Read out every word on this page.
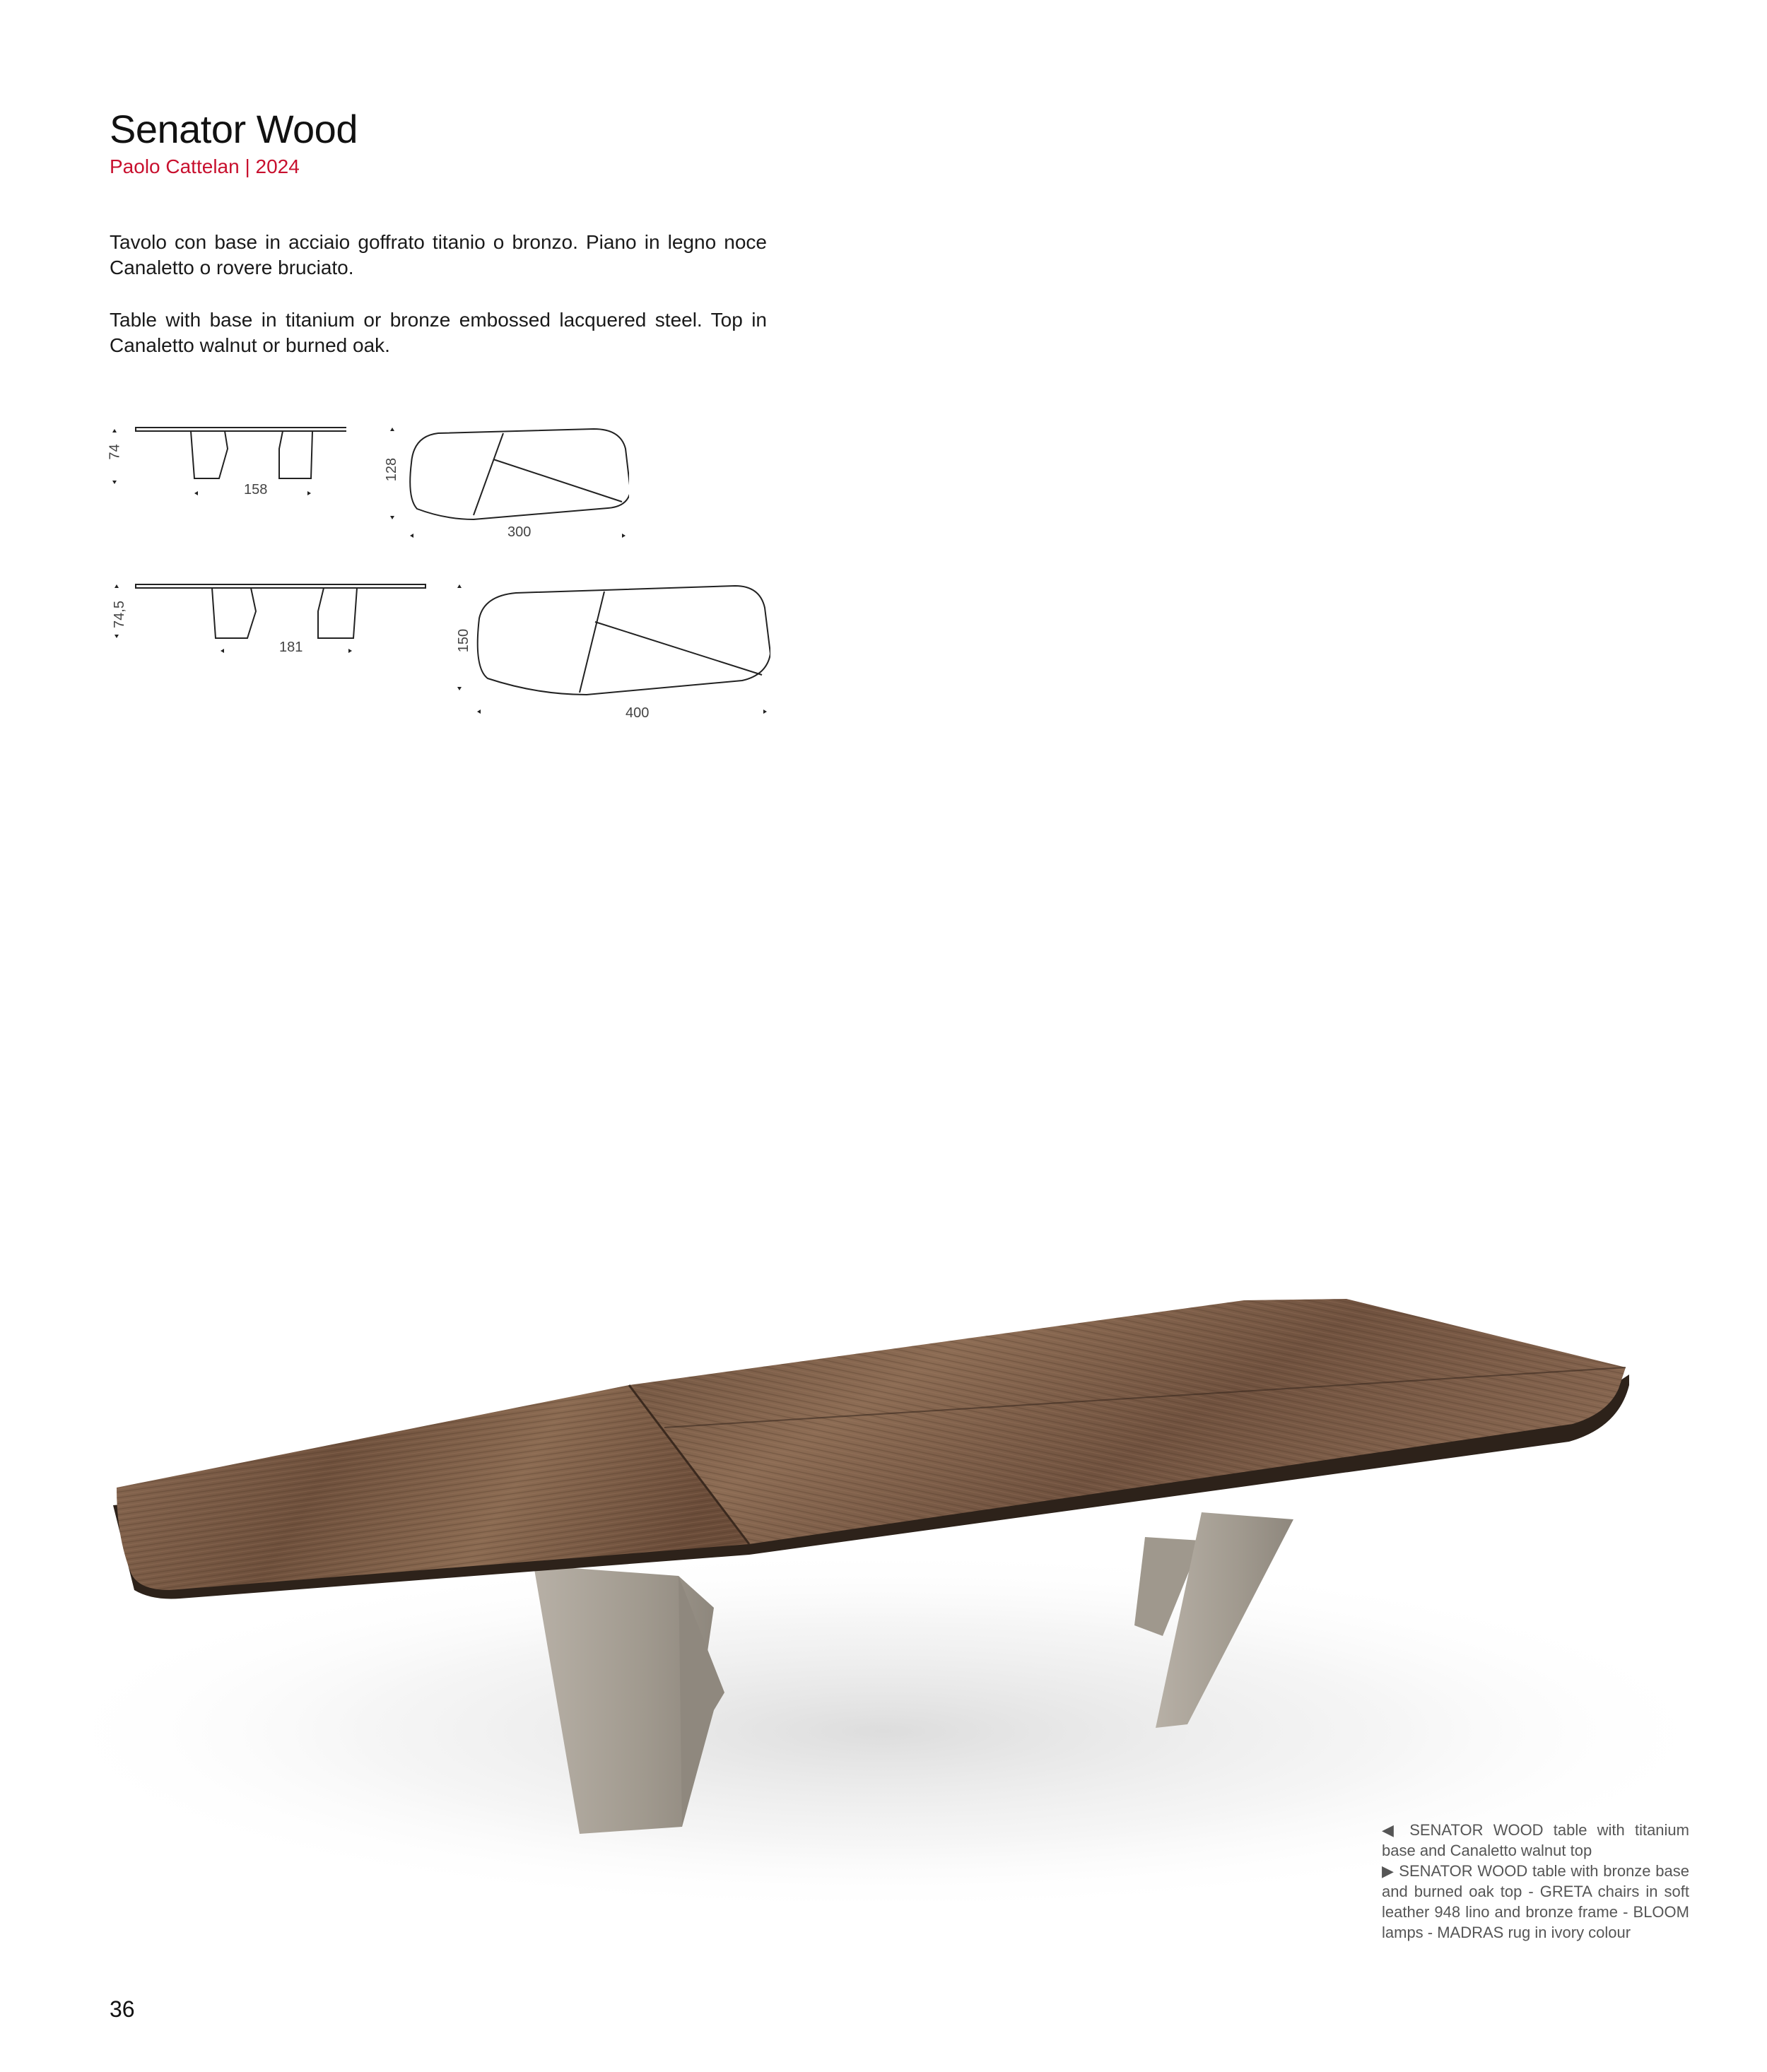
Senator Wood
Paolo Cattelan | 2024
Tavolo con base in acciaio goffrato titanio o bronzo. Piano in legno noce Canaletto o rovere bruciato.
Table with base in titanium or bronze embossed lacquered steel. Top in Canaletto walnut or burned oak.
74
158
128
300
74,5
181	150
400
◀ SENATOR WOOD table with titanium base and Canaletto walnut top
▶ SENATOR WOOD table with bronze base and burned oak top - GRETA chairs in soft leather 948 lino and bronze frame - BLOOM lamps - MADRAS rug in ivory colour
36
